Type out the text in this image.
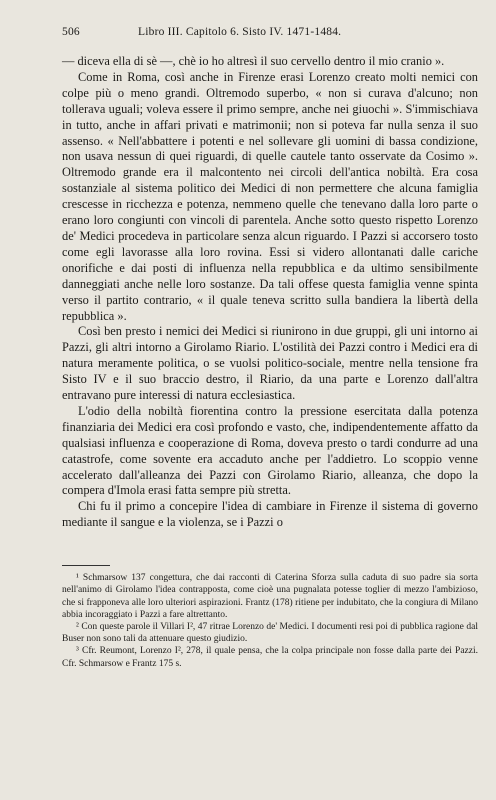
506	Libro III. Capitolo 6. Sisto IV. 1471-1484.

— diceva ella di sè —, chè io ho altresì il suo cervello dentro il mio cranio ».

Come in Roma, così anche in Firenze erasi Lorenzo creato molti nemici con colpe più o meno grandi. Oltremodo superbo, « non si curava d'alcuno; non tollerava uguali; voleva essere il primo sempre, anche nei giuochi ». S'immischiava in tutto, anche in affari privati e matrimonii; non si poteva far nulla senza il suo assenso. « Nell'abbattere i potenti e nel sollevare gli uomini di bassa condizione, non usava nessun di quei riguardi, di quelle cautele tanto osservate da Cosimo ». Oltremodo grande era il malcontento nei circoli dell'antica nobiltà. Era cosa sostanziale al sistema politico dei Medici di non permettere che alcuna famiglia crescesse in ricchezza e potenza, nemmeno quelle che tenevano dalla loro parte o erano loro congiunti con vincoli di parentela. Anche sotto questo rispetto Lorenzo de' Medici procedeva in particolare senza alcun riguardo. I Pazzi si accorsero tosto come egli lavorasse alla loro rovina. Essi si videro allontanati dalle cariche onorifiche e dai posti di influenza nella repubblica e da ultimo sensibilmente danneggiati anche nelle loro sostanze. Da tali offese questa famiglia venne spinta verso il partito contrario, « il quale teneva scritto sulla bandiera la libertà della repubblica ».

Così ben presto i nemici dei Medici si riunirono in due gruppi, gli uni intorno ai Pazzi, gli altri intorno a Girolamo Riario. L'ostilità dei Pazzi contro i Medici era di natura meramente politica, o se vuolsi politico-sociale, mentre nella tensione fra Sisto IV e il suo braccio destro, il Riario, da una parte e Lorenzo dall'altra entravano pure interessi di natura ecclesiastica.

L'odio della nobiltà fiorentina contro la pressione esercitata dalla potenza finanziaria dei Medici era così profondo e vasto, che, indipendentemente affatto da qualsiasi influenza e cooperazione di Roma, doveva presto o tardi condurre ad una catastrofe, come sovente era accaduto anche per l'addietro. Lo scoppio venne accelerato dall'alleanza dei Pazzi con Girolamo Riario, alleanza, che dopo la compera d'Imola erasi fatta sempre più stretta.

Chi fu il primo a concepire l'idea di cambiare in Firenze il sistema di governo mediante il sangue e la violenza, se i Pazzi o

¹ Schmarsow 137 congettura, che dai racconti di Caterina Sforza sulla caduta di suo padre sia sorta nell'animo di Girolamo l'idea contrapposta, come cioè una pugnalata potesse toglier di mezzo l'ambizioso, che si frapponeva alle loro ulteriori aspirazioni. Frantz (178) ritiene per indubitato, che la congiura di Milano abbia incoraggiato i Pazzi a fare altrettanto.

² Con queste parole il Villari I², 47 ritrae Lorenzo de' Medici. I documenti resi poi di pubblica ragione dal Buser non sono tali da attenuare questo giudizio.

³ Cfr. Reumont, Lorenzo I², 278, il quale pensa, che la colpa principale non fosse dalla parte dei Pazzi. Cfr. Schmarsow e Frantz 175 s.
